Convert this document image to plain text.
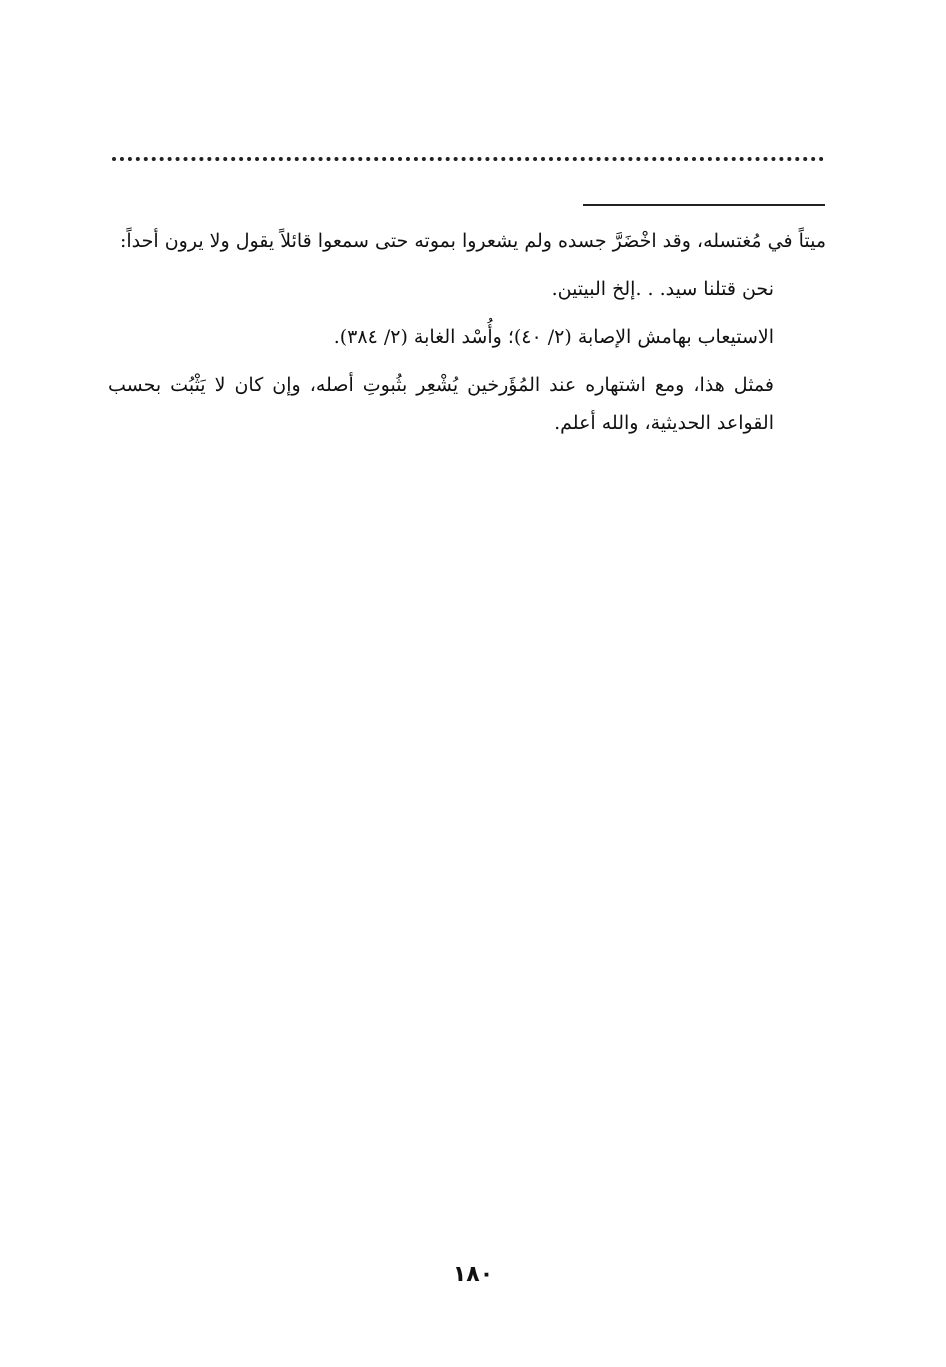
ميتاً في مُغتسله، وقد اخْضَرَّ جسده ولم يشعروا بموته حتى سمعوا قائلاً يقول ولا يرون أحداً:

نحن قتلنا سيد. . .إلخ البيتين.

الاستيعاب بهامش الإصابة (٢/ ٤٠)؛ وأُسْد الغابة (٢/ ٣٨٤).

فمثل هذا، ومع اشتهاره عند المُؤَرخين يُشْعِر بثُبوتِ أصله، وإن كان لا يَثْبُت بحسب القواعد الحديثية، والله أعلم.

١٨٠
